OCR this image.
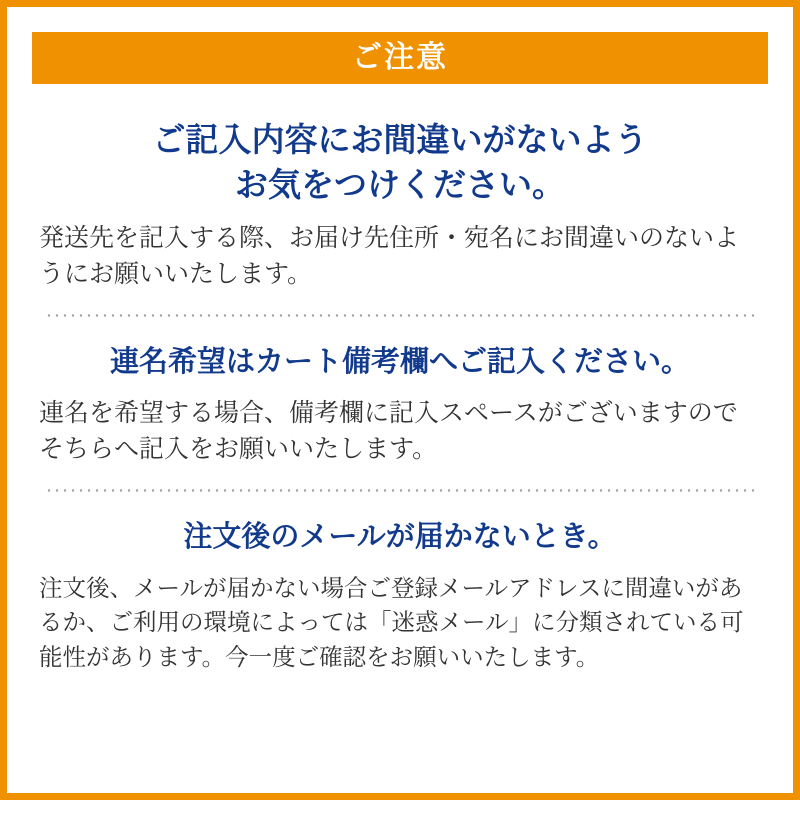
ご注意
ご記入内容にお間違いがないよう
お気をつけください。
発送先を記入する際、お届け先住所・宛名にお間違いのないようにお願いいたします。
連名希望はカート備考欄へご記入ください。
連名を希望する場合、備考欄に記入スペースがございますのでそちらへ記入をお願いいたします。
注文後のメールが届かないとき。
注文後、メールが届かない場合ご登録メールアドレスに間違いがあるか、ご利用の環境によっては「迷惑メール」に分類されている可能性があります。今一度ご確認をお願いいたします。
